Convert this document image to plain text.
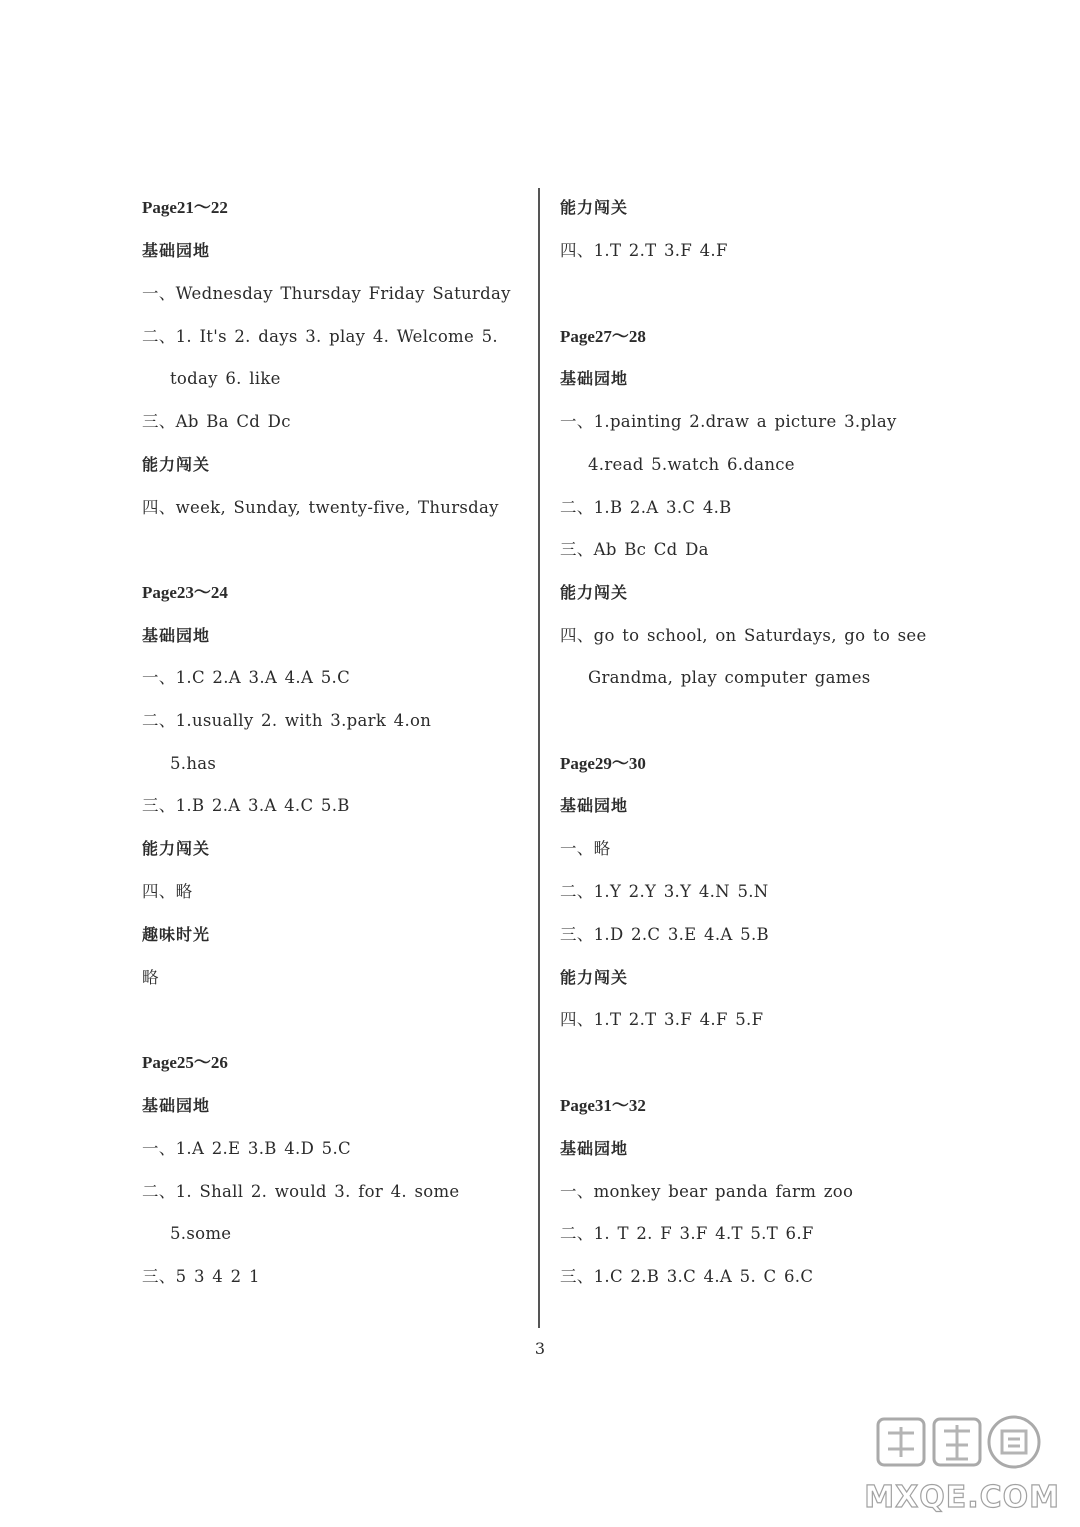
Page21～22
基础园地
一、Wednesday Thursday Friday Saturday
二、1. It's 2. days 3. play 4. Welcome 5.
today 6. like
三、Ab Ba Cd Dc
能力闯关
四、week, Sunday, twenty-five, Thursday
Page23～24
基础园地
一、1.C 2.A 3.A 4.A 5.C
二、1.usually 2. with 3.park 4.on
5.has
三、1.B 2.A 3.A 4.C 5.B
能力闯关
四、略
趣味时光
略
Page25～26
基础园地
一、1.A 2.E 3.B 4.D 5.C
二、1. Shall 2. would 3. for 4. some
5.some
三、5 3 4 2 1
能力闯关
四、1.T 2.T 3.F 4.F
Page27～28
基础园地
一、1.painting 2.draw a picture 3.play
4.read 5.watch 6.dance
二、1.B 2.A 3.C 4.B
三、Ab Bc Cd Da
能力闯关
四、go to school, on Saturdays, go to see
Grandma, play computer games
Page29～30
基础园地
一、略
二、1.Y 2.Y 3.Y 4.N 5.N
三、1.D 2.C 3.E 4.A 5.B
能力闯关
四、1.T 2.T 3.F 4.F 5.F
Page31～32
基础园地
一、monkey bear panda farm zoo
二、1. T 2. F 3.F 4.T 5.T 6.F
三、1.C 2.B 3.C 4.A 5. C 6.C
3
MXQE.COM
